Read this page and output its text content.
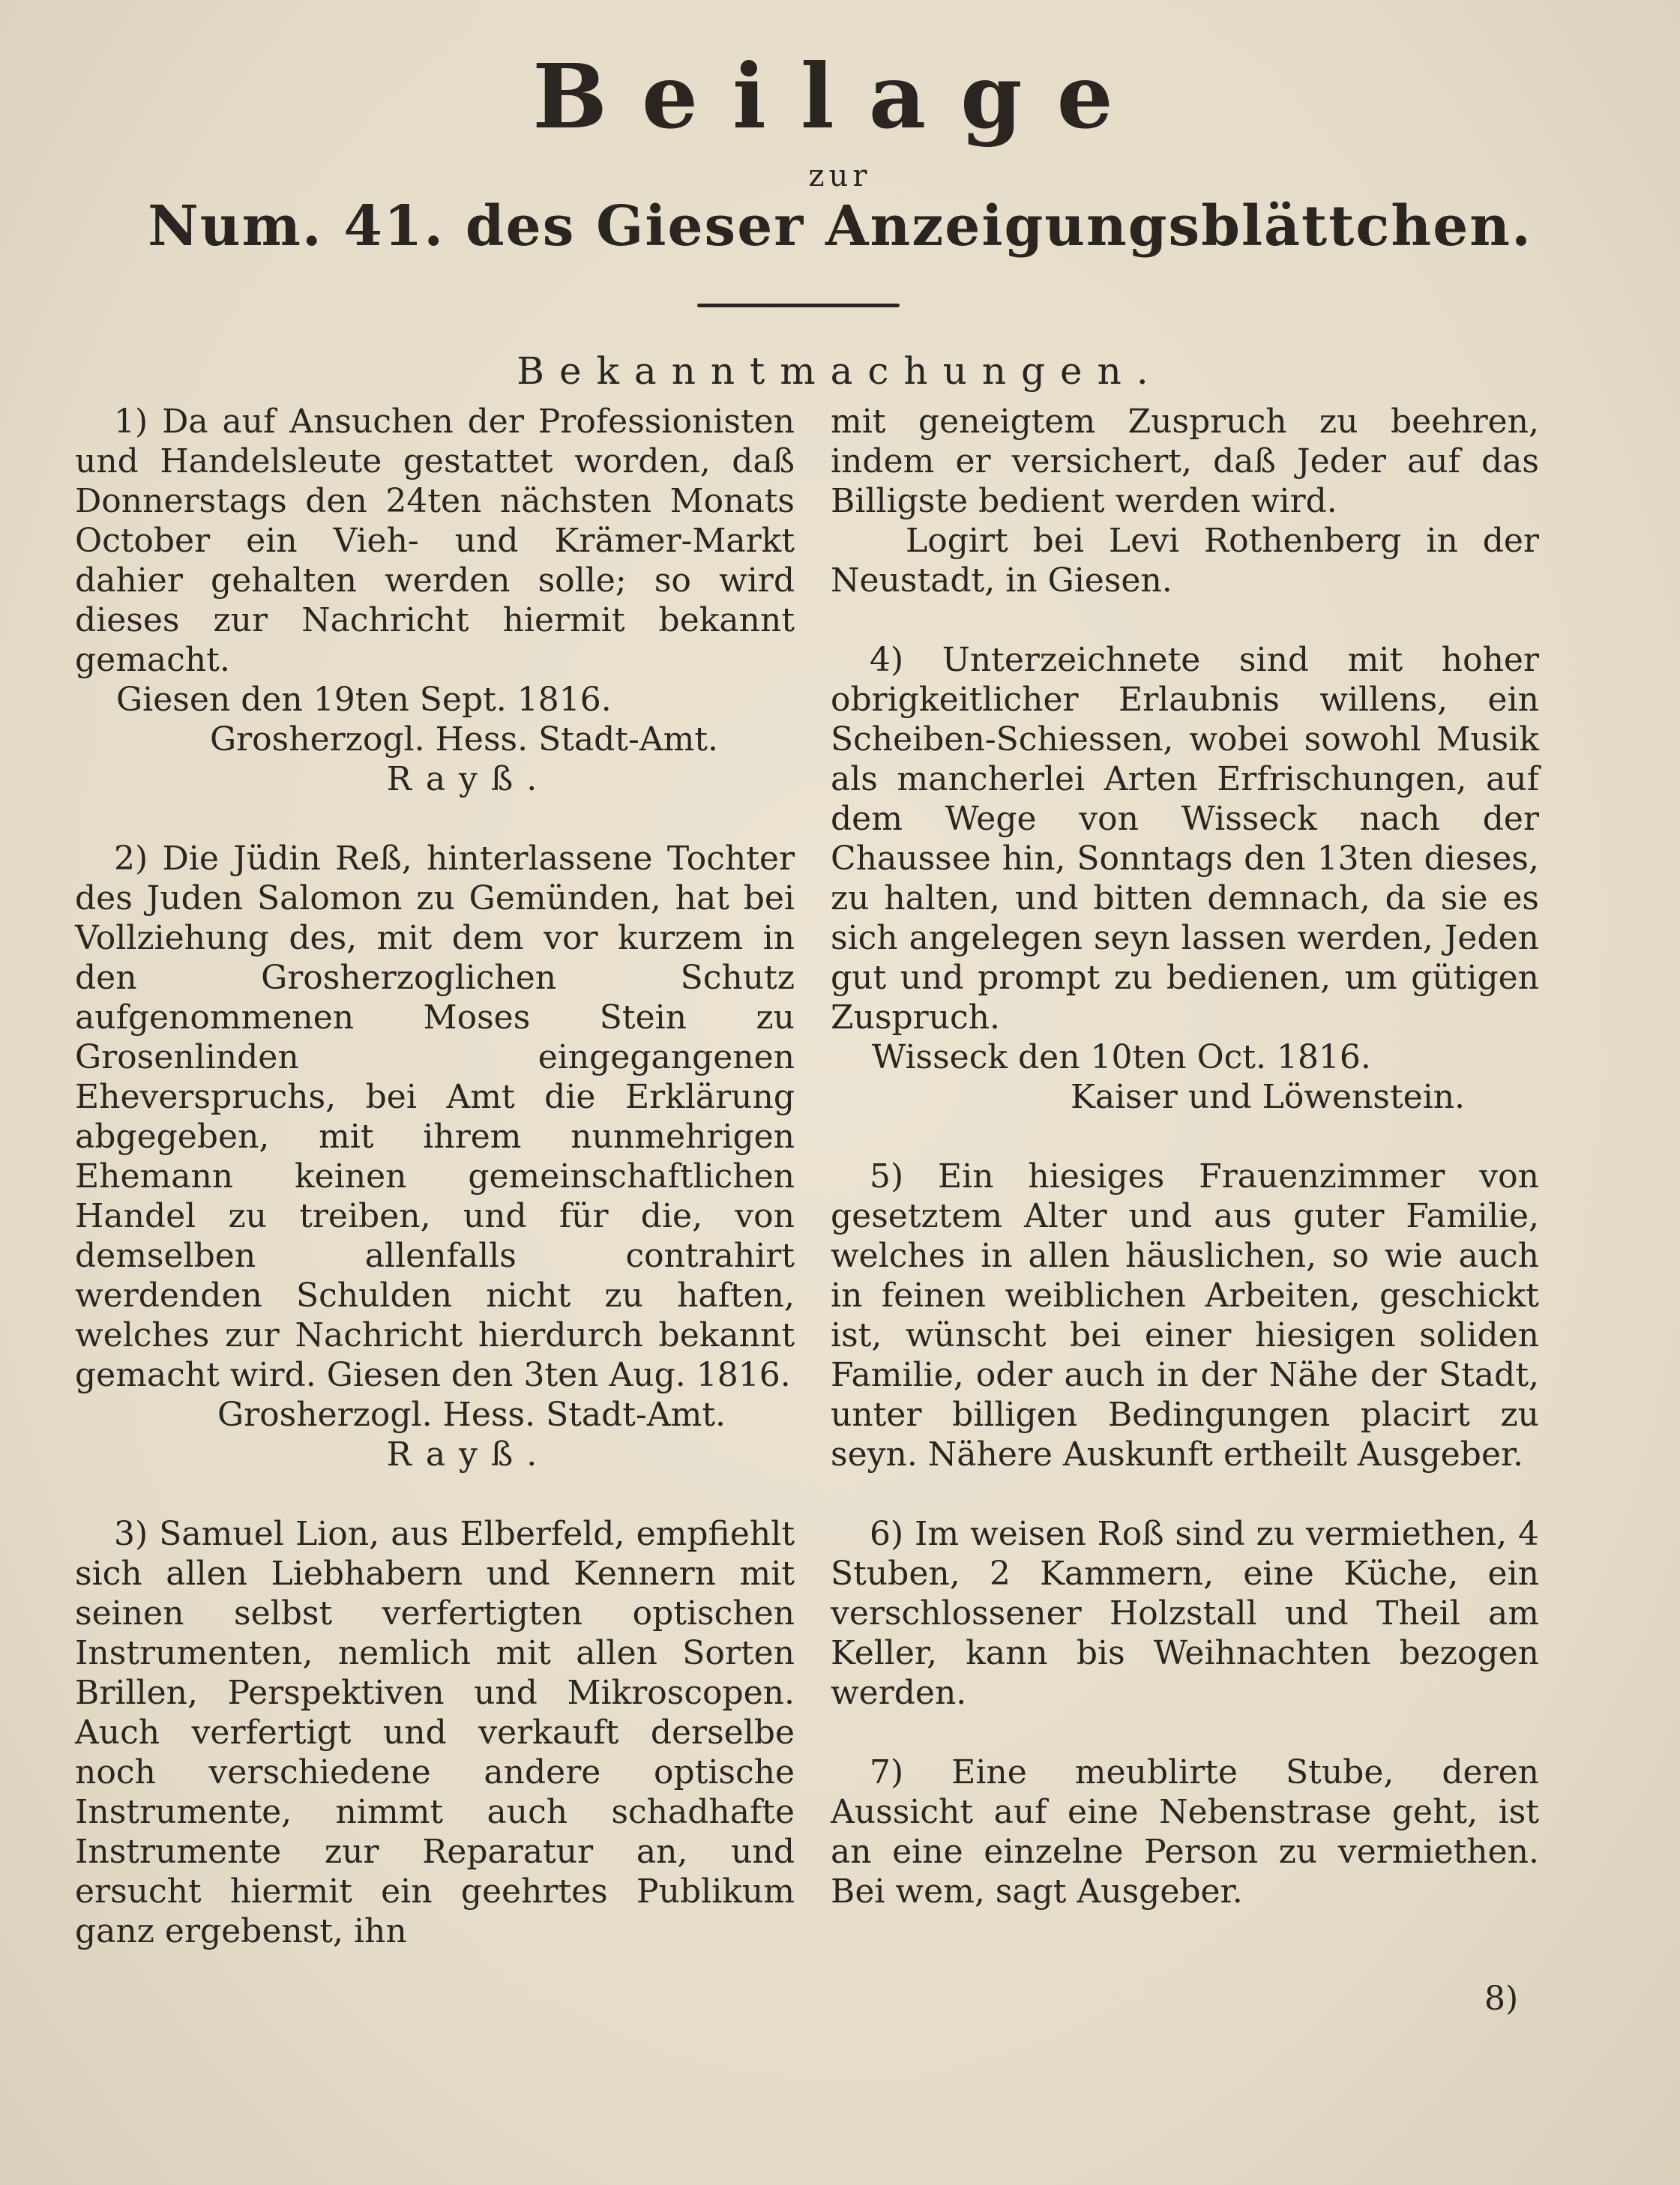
Beilage
zur
Num. 41. des Gieser Anzeigungsblättchen.
Bekanntmachungen.

1) Da auf Ansuchen der Professionisten und Handelsleute gestattet worden, daß Donnerstags den 24ten nächsten Monats October ein Vieh- und Krämer-Markt dahier gehalten werden solle; so wird dieses zur Nachricht hiermit bekannt gemacht.

Giesen den 19ten Sept. 1816.

Grosherzogl. Hess. Stadt-Amt.

Rayß.

2) Die Jüdin Reß, hinterlassene Tochter des Juden Salomon zu Gemünden, hat bei Vollziehung des, mit dem vor kurzem in den Grosherzoglichen Schutz aufgenommenen Moses Stein zu Grosenlinden eingegangenen Eheverspruchs, bei Amt die Erklärung abgegeben, mit ihrem nunmehrigen Ehemann keinen gemeinschaftlichen Handel zu treiben, und für die, von demselben allenfalls contrahirt werdenden Schulden nicht zu haften, welches zur Nachricht hierdurch bekannt gemacht wird. Giesen den 3ten Aug. 1816.

Grosherzogl. Hess. Stadt-Amt.

Rayß.

3) Samuel Lion, aus Elberfeld, empfiehlt sich allen Liebhabern und Kennern mit seinen selbst verfertigten optischen Instrumenten, nemlich mit allen Sorten Brillen, Perspektiven und Mikroscopen. Auch verfertigt und verkauft derselbe noch verschiedene andere optische Instrumente, nimmt auch schadhafte Instrumente zur Reparatur an, und ersucht hiermit ein geehrtes Publikum ganz ergebenst, ihn

mit geneigtem Zuspruch zu beehren, indem er versichert, daß Jeder auf das Billigste bedient werden wird.

Logirt bei Levi Rothenberg in der Neustadt, in Giesen.

4) Unterzeichnete sind mit hoher obrigkeitlicher Erlaubnis willens, ein Scheiben-Schiessen, wobei sowohl Musik als mancherlei Arten Erfrischungen, auf dem Wege von Wisseck nach der Chaussee hin, Sonntags den 13ten dieses, zu halten, und bitten demnach, da sie es sich angelegen seyn lassen werden, Jeden gut und prompt zu bedienen, um gütigen Zuspruch.

Wisseck den 10ten Oct. 1816.

Kaiser und Löwenstein.

5) Ein hiesiges Frauenzimmer von gesetztem Alter und aus guter Familie, welches in allen häuslichen, so wie auch in feinen weiblichen Arbeiten, geschickt ist, wünscht bei einer hiesigen soliden Familie, oder auch in der Nähe der Stadt, unter billigen Bedingungen placirt zu seyn. Nähere Auskunft ertheilt Ausgeber.

6) Im weisen Roß sind zu vermiethen, 4 Stuben, 2 Kammern, eine Küche, ein verschlossener Holzstall und Theil am Keller, kann bis Weihnachten bezogen werden.

7) Eine meublirte Stube, deren Aussicht auf eine Nebenstrase geht, ist an eine einzelne Person zu vermiethen. Bei wem, sagt Ausgeber.

8)
